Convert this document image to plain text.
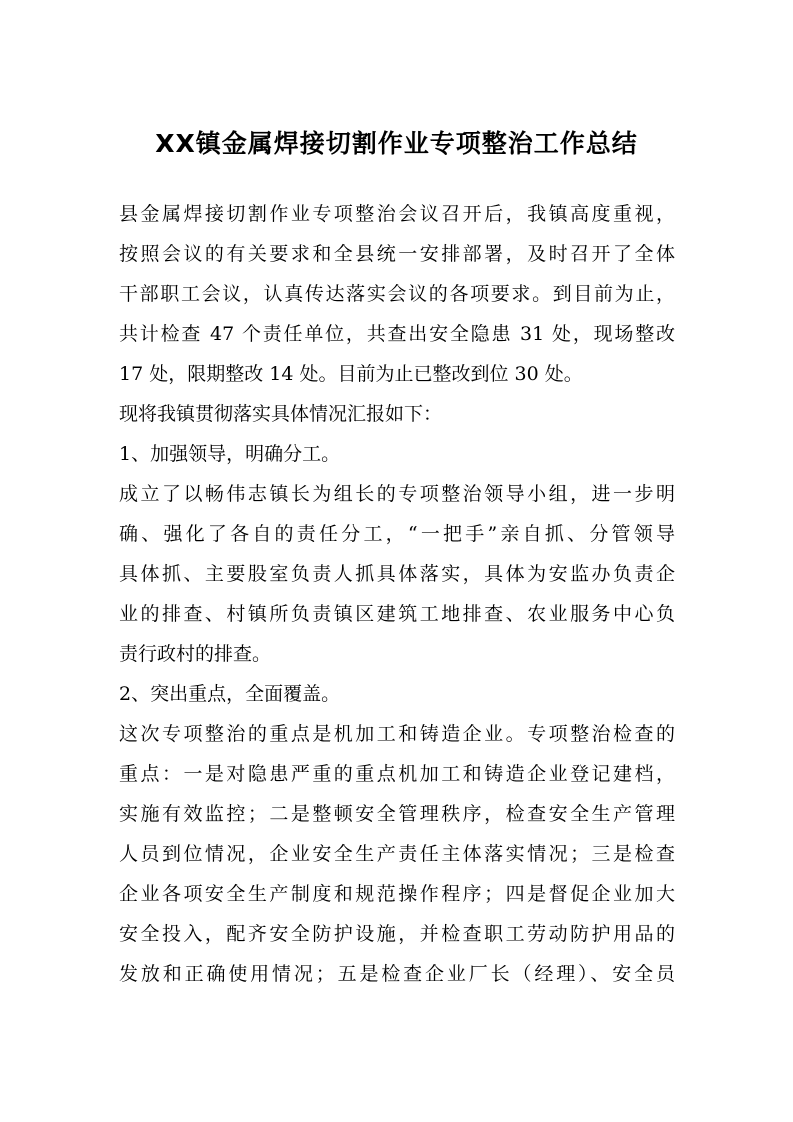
XX镇金属焊接切割作业专项整治工作总结
县金属焊接切割作业专项整治会议召开后，我镇高度重视，
按照会议的有关要求和全县统一安排部署，及时召开了全体
干部职工会议，认真传达落实会议的各项要求。到目前为止，
共计检查 47 个责任单位，共查出安全隐患 31 处，现场整改
17 处，限期整改 14 处。目前为止已整改到位 30 处。
现将我镇贯彻落实具体情况汇报如下：
1、加强领导，明确分工。
成立了以畅伟志镇长为组长的专项整治领导小组，进一步明
确、强化了各自的责任分工，“一把手”亲自抓、分管领导
具体抓、主要股室负责人抓具体落实，具体为安监办负责企
业的排查、村镇所负责镇区建筑工地排查、农业服务中心负
责行政村的排查。
2、突出重点，全面覆盖。
这次专项整治的重点是机加工和铸造企业。专项整治检查的
重点：一是对隐患严重的重点机加工和铸造企业登记建档，
实施有效监控；二是整顿安全管理秩序，检查安全生产管理
人员到位情况，企业安全生产责任主体落实情况；三是检查
企业各项安全生产制度和规范操作程序；四是督促企业加大
安全投入，配齐安全防护设施，并检查职工劳动防护用品的
发放和正确使用情况；五是检查企业厂长（经理）、安全员
